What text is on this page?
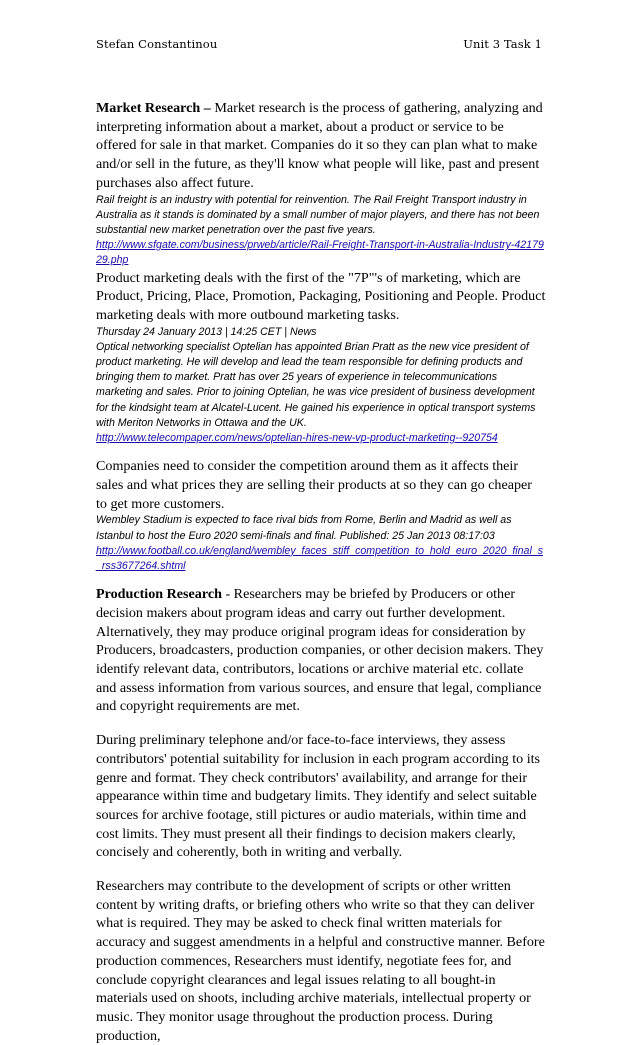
Stefan Constantinou	Unit 3 Task 1

Market Research – Market research is the process of gathering, analyzing and interpreting information about a market, about a product or service to be offered for sale in that market. Companies do it so they can plan what to make and/or sell in the future, as they'll know what people will like, past and present purchases also affect future.

Rail freight is an industry with potential for reinvention. The Rail Freight Transport industry in Australia as it stands is dominated by a small number of major players, and there has not been substantial new market penetration over the past five years.

http://www.sfgate.com/business/prweb/article/Rail-Freight-Transport-in-Australia-Industry-4217929.php

Product marketing deals with the first of the "7P"'s of marketing, which are Product, Pricing, Place, Promotion, Packaging, Positioning and People. Product marketing deals with more outbound marketing tasks.

Thursday 24 January 2013 | 14:25 CET | News

Optical networking specialist Optelian has appointed Brian Pratt as the new vice president of product marketing. He will develop and lead the team responsible for defining products and bringing them to market. Pratt has over 25 years of experience in telecommunications marketing and sales. Prior to joining Optelian, he was vice president of business development for the kindsight team at Alcatel-Lucent. He gained his experience in optical transport systems with Meriton Networks in Ottawa and the UK.

http://www.telecompaper.com/news/optelian-hires-new-vp-product-marketing--920754

Companies need to consider the competition around them as it affects their sales and what prices they are selling their products at so they can go cheaper to get more customers.

Wembley Stadium is expected to face rival bids from Rome, Berlin and Madrid as well as Istanbul to host the Euro 2020 semi-finals and final. Published: 25 Jan 2013 08:17:03

http://www.football.co.uk/england/wembley_faces_stiff_competition_to_hold_euro_2020_final_s_rss3677264.shtml

Production Research - Researchers may be briefed by Producers or other decision makers about program ideas and carry out further development. Alternatively, they may produce original program ideas for consideration by Producers, broadcasters, production companies, or other decision makers. They identify relevant data, contributors, locations or archive material etc. collate and assess information from various sources, and ensure that legal, compliance and copyright requirements are met.

During preliminary telephone and/or face-to-face interviews, they assess contributors' potential suitability for inclusion in each program according to its genre and format. They check contributors' availability, and arrange for their appearance within time and budgetary limits. They identify and select suitable sources for archive footage, still pictures or audio materials, within time and cost limits. They must present all their findings to decision makers clearly, concisely and coherently, both in writing and verbally.

Researchers may contribute to the development of scripts or other written content by writing drafts, or briefing others who write so that they can deliver what is required. They may be asked to check final written materials for accuracy and suggest amendments in a helpful and constructive manner. Before production commences, Researchers must identify, negotiate fees for, and conclude copyright clearances and legal issues relating to all bought-in materials used on shoots, including archive materials, intellectual property or music. They monitor usage throughout the production process. During production,
